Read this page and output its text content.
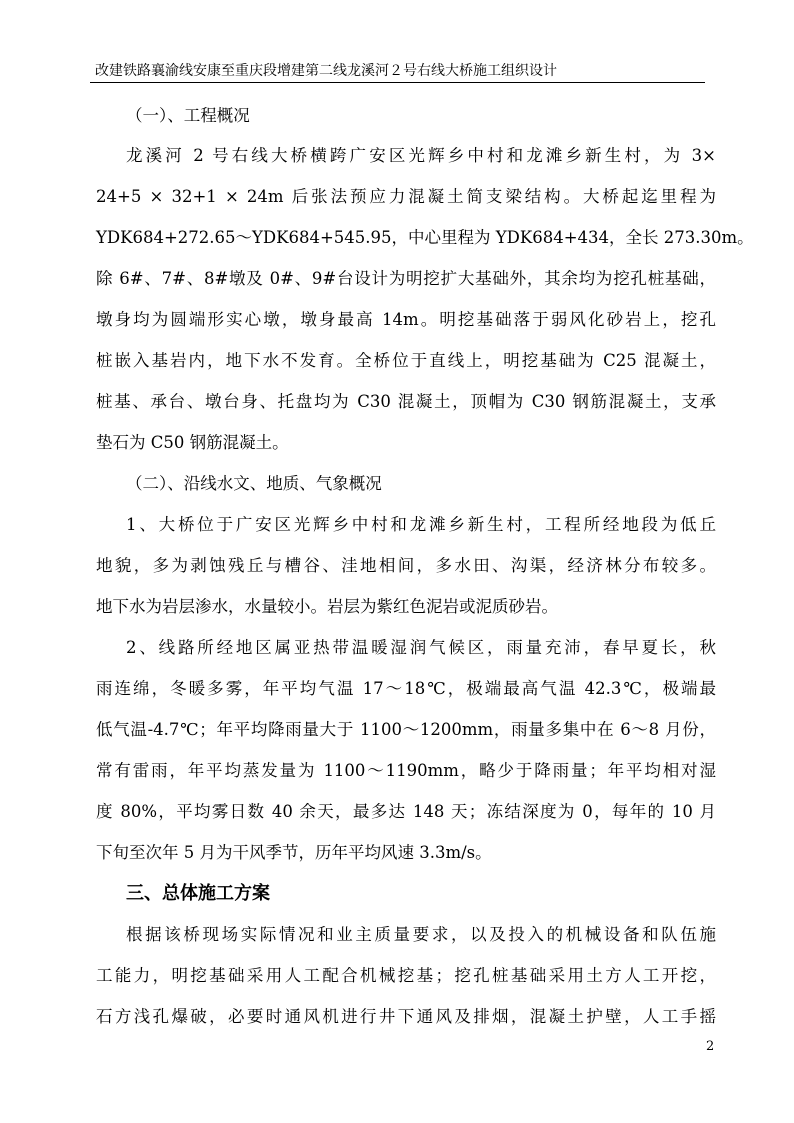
改建铁路襄渝线安康至重庆段增建第二线龙溪河２号右线大桥施工组织设计
（一）、工程概况
龙溪河 2 号右线大桥横跨广安区光辉乡中村和龙滩乡新生村，为 3×
24+5 × 32+1 × 24m 后张法预应力混凝土简支梁结构。大桥起迄里程为
YDK684+272.65～YDK684+545.95，中心里程为 YDK684+434，全长 273.30m。
除 6#、7#、8#墩及 0#、9#台设计为明挖扩大基础外，其余均为挖孔桩基础，
墩身均为圆端形实心墩，墩身最高 14m。明挖基础落于弱风化砂岩上，挖孔
桩嵌入基岩内，地下水不发育。全桥位于直线上，明挖基础为 C25 混凝土，
桩基、承台、墩台身、托盘均为 C30 混凝土，顶帽为 C30 钢筋混凝土，支承
垫石为 C50 钢筋混凝土。
（二）、沿线水文、地质、气象概况
1、大桥位于广安区光辉乡中村和龙滩乡新生村，工程所经地段为低丘
地貌，多为剥蚀残丘与槽谷、洼地相间，多水田、沟渠，经济林分布较多。
地下水为岩层渗水，水量较小。岩层为紫红色泥岩或泥质砂岩。
2、线路所经地区属亚热带温暖湿润气候区，雨量充沛，春早夏长，秋
雨连绵，冬暖多雾，年平均气温 17～18℃，极端最高气温 42.3℃，极端最
低气温-4.7℃；年平均降雨量大于 1100～1200mm，雨量多集中在 6～8 月份，
常有雷雨，年平均蒸发量为 1100～1190mm，略少于降雨量；年平均相对湿
度 80%，平均雾日数 40 余天，最多达 148 天；冻结深度为 0，每年的 10 月
下旬至次年 5 月为干风季节，历年平均风速 3.3m/s。
三、总体施工方案
根据该桥现场实际情况和业主质量要求，以及投入的机械设备和队伍施
工能力，明挖基础采用人工配合机械挖基；挖孔桩基础采用土方人工开挖，
石方浅孔爆破，必要时通风机进行井下通风及排烟，混凝土护壁，人工手摇
2
